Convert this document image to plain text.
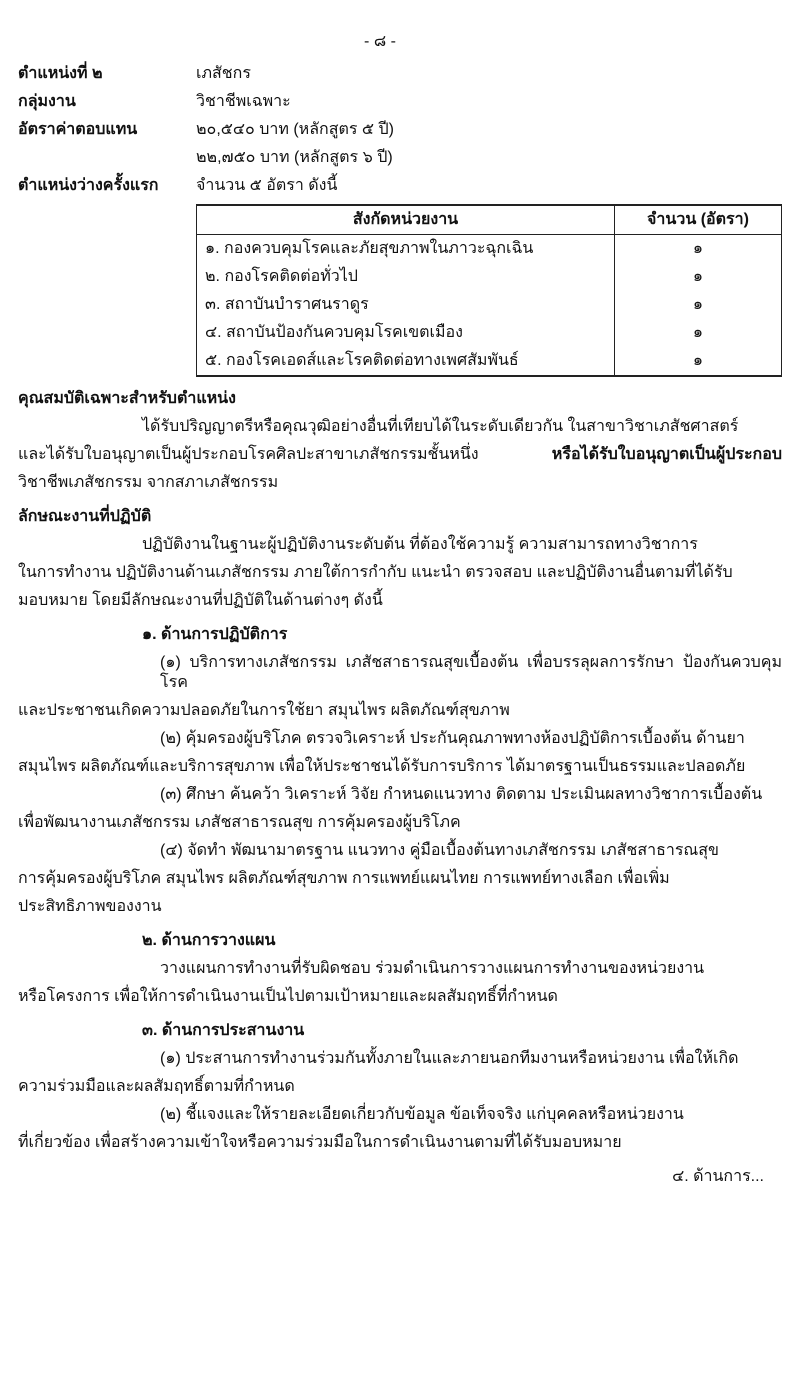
- ๘ -
ตำแหน่งที่ ๒	เภสัชกร
กลุ่มงาน	วิชาชีพเฉพาะ
อัตราค่าตอบแทน	๒๐,๕๔๐ บาท (หลักสูตร ๕ ปี)
๒๒,๗๕๐ บาท (หลักสูตร ๖ ปี)
ตำแหน่งว่างครั้งแรก	จำนวน ๕ อัตรา ดังนี้
สังกัดหน่วยงาน	จำนวน (อัตรา)
๑. กองควบคุมโรคและภัยสุขภาพในภาวะฉุกเฉิน	๑
๒. กองโรคติดต่อทั่วไป	๑
๓. สถาบันบำราศนราดูร	๑
๔. สถาบันป้องกันควบคุมโรคเขตเมือง	๑
๕. กองโรคเอดส์และโรคติดต่อทางเพศสัมพันธ์	๑
คุณสมบัติเฉพาะสำหรับตำแหน่ง
ได้รับปริญญาตรีหรือคุณวุฒิอย่างอื่นที่เทียบได้ในระดับเดียวกัน ในสาขาวิชาเภสัชศาสตร์
และได้รับใบอนุญาตเป็นผู้ประกอบโรคศิลปะสาขาเภสัชกรรมชั้นหนึ่ง	หรือได้รับใบอนุญาตเป็นผู้ประกอบ
วิชาชีพเภสัชกรรม จากสภาเภสัชกรรม
ลักษณะงานที่ปฏิบัติ
ปฏิบัติงานในฐานะผู้ปฏิบัติงานระดับต้น ที่ต้องใช้ความรู้ ความสามารถทางวิชาการ
ในการทำงาน ปฏิบัติงานด้านเภสัชกรรม ภายใต้การกำกับ แนะนำ ตรวจสอบ และปฏิบัติงานอื่นตามที่ได้รับ
มอบหมาย โดยมีลักษณะงานที่ปฏิบัติในด้านต่างๆ ดังนี้
๑. ด้านการปฏิบัติการ
(๑) บริการทางเภสัชกรรม เภสัชสาธารณสุขเบื้องต้น เพื่อบรรลุผลการรักษา ป้องกันควบคุมโรค
และประชาชนเกิดความปลอดภัยในการใช้ยา สมุนไพร ผลิตภัณฑ์สุขภาพ
(๒) คุ้มครองผู้บริโภค ตรวจวิเคราะห์ ประกันคุณภาพทางห้องปฏิบัติการเบื้องต้น ด้านยา
สมุนไพร ผลิตภัณฑ์และบริการสุขภาพ เพื่อให้ประชาชนได้รับการบริการ ได้มาตรฐานเป็นธรรมและปลอดภัย
(๓) ศึกษา ค้นคว้า วิเคราะห์ วิจัย กำหนดแนวทาง ติดตาม ประเมินผลทางวิชาการเบื้องต้น
เพื่อพัฒนางานเภสัชกรรม เภสัชสาธารณสุข การคุ้มครองผู้บริโภค
(๔) จัดทำ พัฒนามาตรฐาน แนวทาง คู่มือเบื้องต้นทางเภสัชกรรม เภสัชสาธารณสุข
การคุ้มครองผู้บริโภค สมุนไพร ผลิตภัณฑ์สุขภาพ การแพทย์แผนไทย การแพทย์ทางเลือก เพื่อเพิ่ม
ประสิทธิภาพของงาน
๒. ด้านการวางแผน
วางแผนการทำงานที่รับผิดชอบ ร่วมดำเนินการวางแผนการทำงานของหน่วยงาน
หรือโครงการ เพื่อให้การดำเนินงานเป็นไปตามเป้าหมายและผลสัมฤทธิ์ที่กำหนด
๓. ด้านการประสานงาน
(๑) ประสานการทำงานร่วมกันทั้งภายในและภายนอกทีมงานหรือหน่วยงาน เพื่อให้เกิด
ความร่วมมือและผลสัมฤทธิ์ตามที่กำหนด
(๒) ชี้แจงและให้รายละเอียดเกี่ยวกับข้อมูล ข้อเท็จจริง แก่บุคคลหรือหน่วยงาน
ที่เกี่ยวข้อง เพื่อสร้างความเข้าใจหรือความร่วมมือในการดำเนินงานตามที่ได้รับมอบหมาย
๔. ด้านการ...
